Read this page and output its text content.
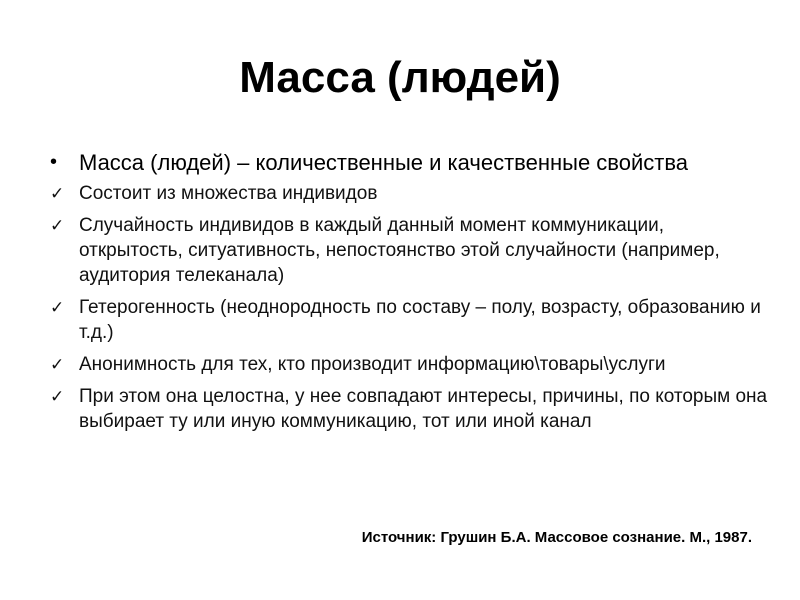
Масса (людей)
• Масса (людей) – количественные и качественные свойства
✓ Состоит из множества индивидов
✓ Случайность индивидов в каждый данный момент коммуникации, открытость, ситуативность, непостоянство этой случайности (например, аудитория телеканала)
✓ Гетерогенность (неоднородность по составу – полу, возрасту, образованию и т.д.)
✓ Анонимность для тех, кто производит информацию\товары\услуги
✓ При этом она целостна, у нее совпадают интересы, причины, по которым она выбирает ту или иную коммуникацию, тот или иной канал
Источник: Грушин Б.А. Массовое сознание. М., 1987.
